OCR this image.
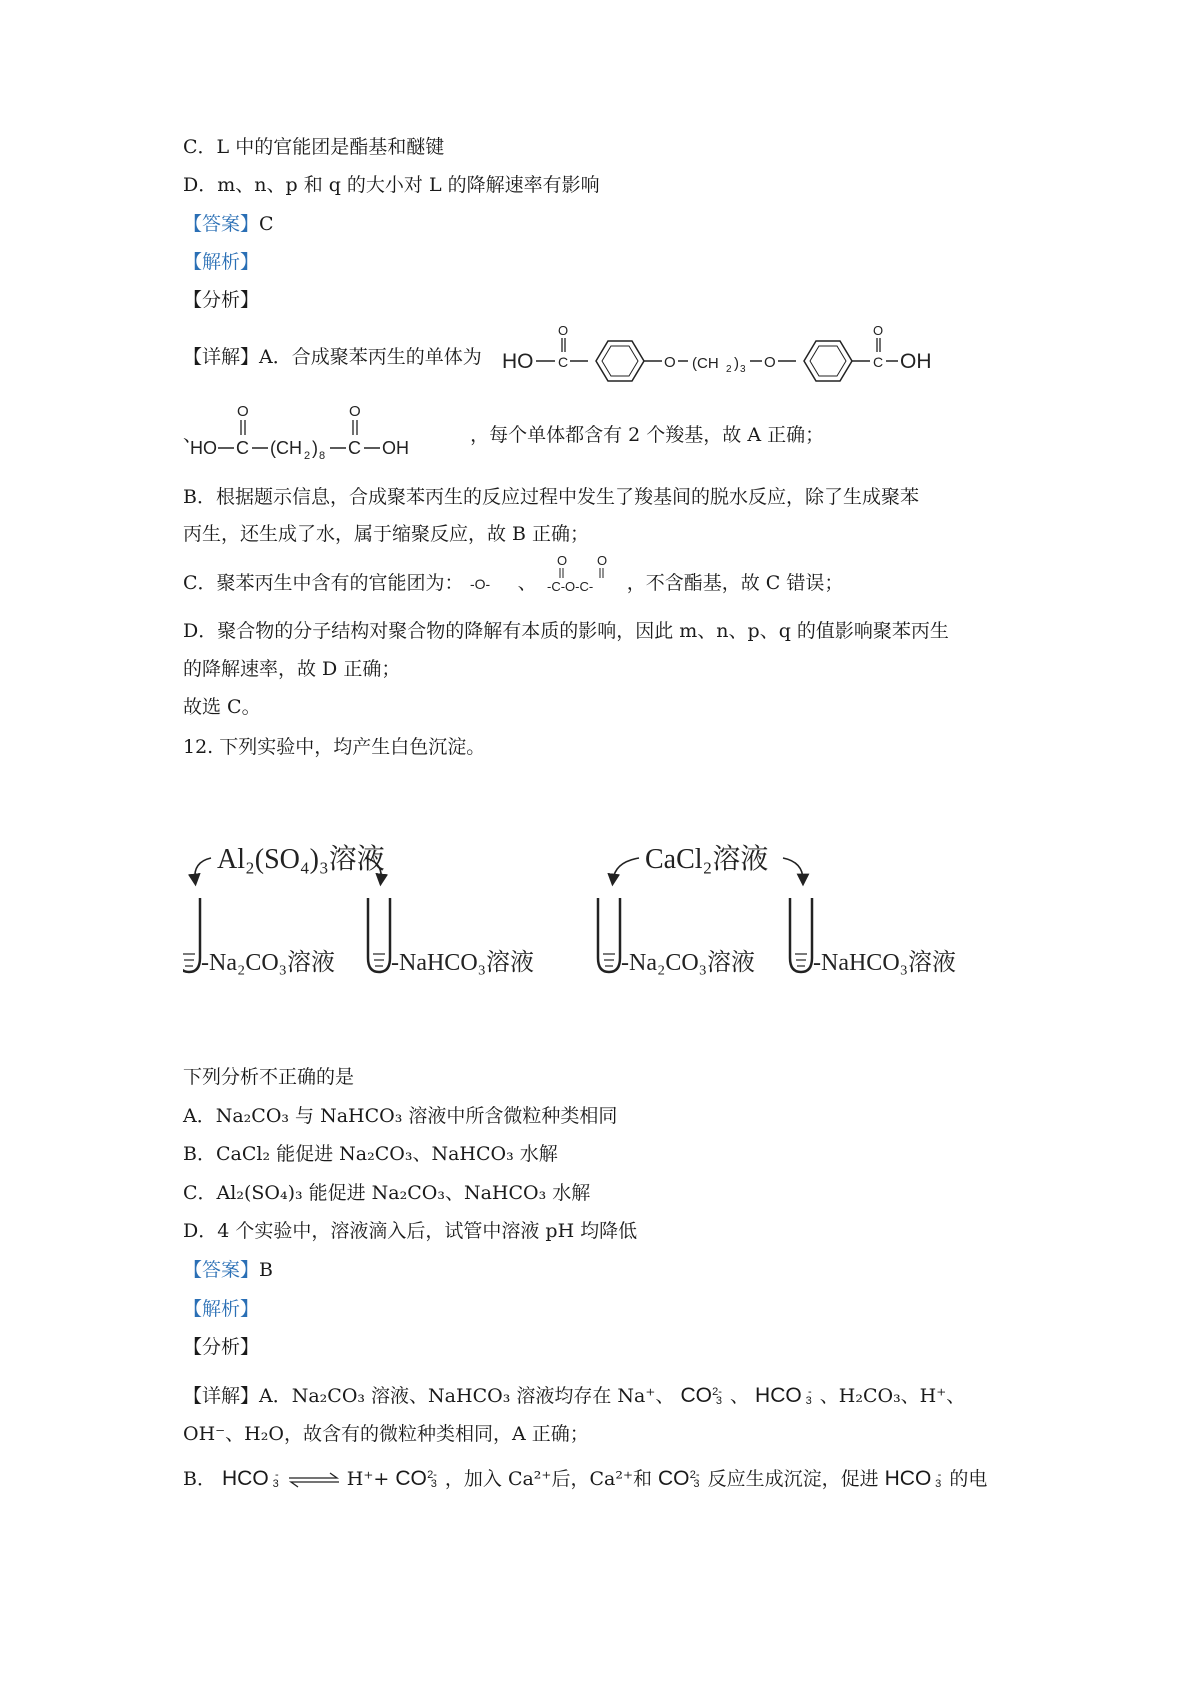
C．L 中的官能团是酯基和醚键
D．m、n、p 和 q 的大小对 L 的降解速率有影响
【答案】C
【解析】
【分析】
【详解】A．合成聚苯丙生的单体为 HO C
O
O (CH 2 ) 3 O	C
O
OH
、	，每个单体都含有 2 个羧基，故 A 正确；
HO C
O
(CH 2 ) 8 C
O
OH
B．根据题示信息，合成聚苯丙生的反应过程中发生了羧基间的脱水反应，除了生成聚苯
丙生，还生成了水，属于缩聚反应，故 B 正确；
C．聚苯丙生中含有的官能团为： -O- 、
O O
-C-O-C- ，不含酯基，故 C 错误；
D．聚合物的分子结构对聚合物的降解有本质的影响，因此 m、n、p、q 的值影响聚苯丙生
的降解速率，故 D 正确；
故选 C。
12. 下列实验中，均产生白色沉淀。
Al₂(SO₄)₃溶液	CaCl₂溶液
-Na₂CO₃溶液 -NaHCO₃溶液	-Na₂CO₃溶液 -NaHCO₃溶液
下列分析不正确的是
A．Na₂CO₃ 与 NaHCO₃ 溶液中所含微粒种类相同
B．CaCl₂ 能促进 Na₂CO₃、NaHCO₃ 水解
C．Al₂(SO₄)₃ 能促进 Na₂CO₃、NaHCO₃ 水解
D．4 个实验中，溶液滴入后，试管中溶液 pH 均降低
【答案】B
【解析】
【分析】
【详解】A．Na₂CO₃ 溶液、NaHCO₃ 溶液均存在 Na⁺、 CO 2-
3 、 HCO -
3 、H₂CO₃、H⁺、
OH⁻、H₂O，故含有的微粒种类相同，A 正确；
B． HCO -
3 ⇌ H⁺+ CO 2-
3 ，加入 Ca²⁺后，Ca²⁺和 CO 2-
3 反应生成沉淀，促进 HCO -
3 的电
